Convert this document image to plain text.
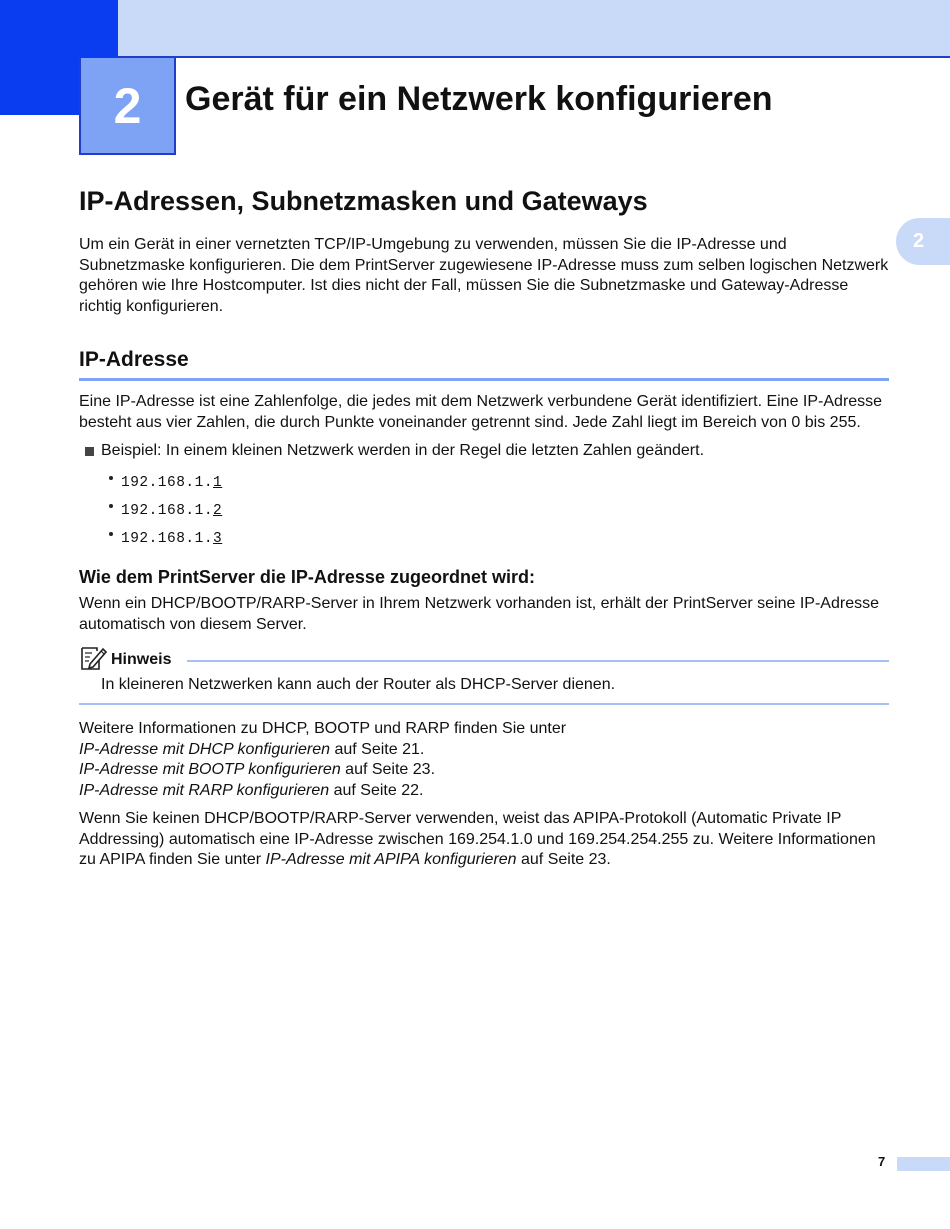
2 Gerät für ein Netzwerk konfigurieren
2
IP-Adressen, Subnetzmasken und Gateways

Um ein Gerät in einer vernetzten TCP/IP-Umgebung zu verwenden, müssen Sie die IP-Adresse und Subnetzmaske konfigurieren. Die dem PrintServer zugewiesene IP-Adresse muss zum selben logischen Netzwerk gehören wie Ihre Hostcomputer. Ist dies nicht der Fall, müssen Sie die Subnetzmaske und Gateway-Adresse richtig konfigurieren.

IP-Adresse

Eine IP-Adresse ist eine Zahlenfolge, die jedes mit dem Netzwerk verbundene Gerät identifiziert. Eine IP-Adresse besteht aus vier Zahlen, die durch Punkte voneinander getrennt sind. Jede Zahl liegt im Bereich von 0 bis 255.

Beispiel: In einem kleinen Netzwerk werden in der Regel die letzten Zahlen geändert.
192.168.1.1
192.168.1.2
192.168.1.3
Wie dem PrintServer die IP-Adresse zugeordnet wird:

Wenn ein DHCP/BOOTP/RARP-Server in Ihrem Netzwerk vorhanden ist, erhält der PrintServer seine IP-Adresse automatisch von diesem Server.

Hinweis
In kleineren Netzwerken kann auch der Router als DHCP-Server dienen.

Weitere Informationen zu DHCP, BOOTP und RARP finden Sie unter
IP-Adresse mit DHCP konfigurieren auf Seite 21.
IP-Adresse mit BOOTP konfigurieren auf Seite 23.
IP-Adresse mit RARP konfigurieren auf Seite 22.

Wenn Sie keinen DHCP/BOOTP/RARP-Server verwenden, weist das APIPA-Protokoll (Automatic Private IP Addressing) automatisch eine IP-Adresse zwischen 169.254.1.0 und 169.254.254.255 zu. Weitere Informationen zu APIPA finden Sie unter IP-Adresse mit APIPA konfigurieren auf Seite 23.

7
